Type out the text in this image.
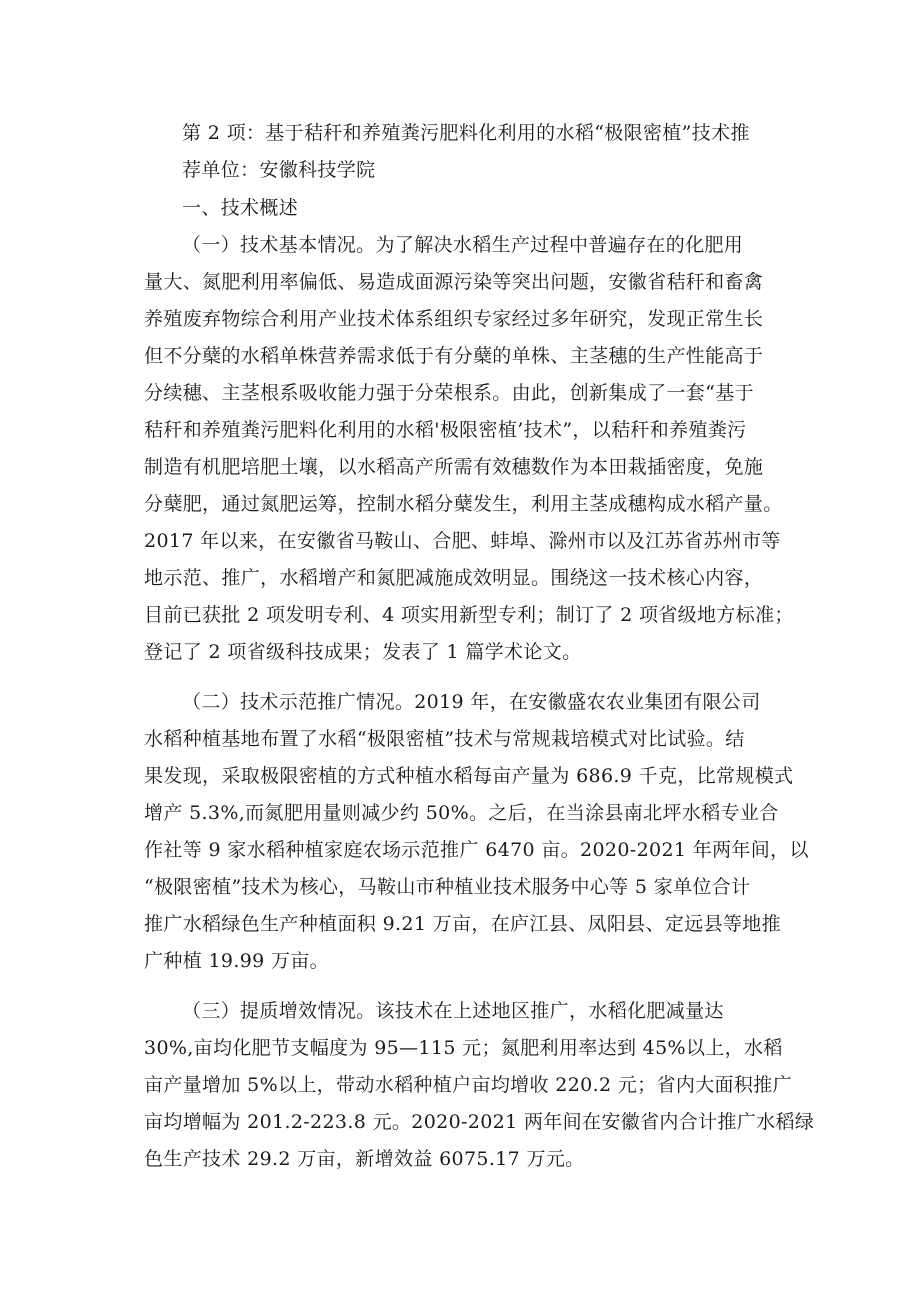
第 2 项：基于秸秆和养殖粪污肥料化利用的水稻“极限密植”技术推
荐单位：安徽科技学院
一、技术概述
（一）技术基本情况。为了解决水稻生产过程中普遍存在的化肥用
量大、氮肥利用率偏低、易造成面源污染等突出问题，安徽省秸秆和畜禽
养殖废弃物综合利用产业技术体系组织专家经过多年研究，发现正常生长
但不分蘖的水稻单株营养需求低于有分蘖的单株、主茎穗的生产性能高于
分续穗、主茎根系吸收能力强于分荣根系。由此，创新集成了一套“基于
秸秆和养殖粪污肥料化利用的水稻'极限密植’技术”，以秸秆和养殖粪污
制造有机肥培肥土壤，以水稻高产所需有效穗数作为本田栽插密度，免施
分蘖肥，通过氮肥运筹，控制水稻分蘖发生，利用主茎成穗构成水稻产量。
2017 年以来，在安徽省马鞍山、合肥、蚌埠、滁州市以及江苏省苏州市等
地示范、推广，水稻增产和氮肥减施成效明显。围绕这一技术核心内容，
目前已获批 2 项发明专利、4 项实用新型专利；制订了 2 项省级地方标准；
登记了 2 项省级科技成果；发表了 1 篇学术论文。
（二）技术示范推广情况。2019 年，在安徽盛农农业集团有限公司
水稻种植基地布置了水稻“极限密植”技术与常规栽培模式对比试验。结
果发现，采取极限密植的方式种植水稻每亩产量为 686.9 千克，比常规模式
增产 5.3%,而氮肥用量则减少约 50%。之后，在当涂县南北坪水稻专业合
作社等 9 家水稻种植家庭农场示范推广 6470 亩。2020-2021 年两年间，以
“极限密植”技术为核心，马鞍山市种植业技术服务中心等 5 家单位合计
推广水稻绿色生产种植面积 9.21 万亩，在庐江县、凤阳县、定远县等地推
广种植 19.99 万亩。
（三）提质增效情况。该技术在上述地区推广，水稻化肥减量达
30%,亩均化肥节支幅度为 95—115 元；氮肥利用率达到 45%以上，水稻
亩产量增加 5%以上，带动水稻种植户亩均增收 220.2 元；省内大面积推广
亩均增幅为 201.2-223.8 元。2020-2021 两年间在安徽省内合计推广水稻绿
色生产技术 29.2 万亩，新增效益 6075.17 万元。
